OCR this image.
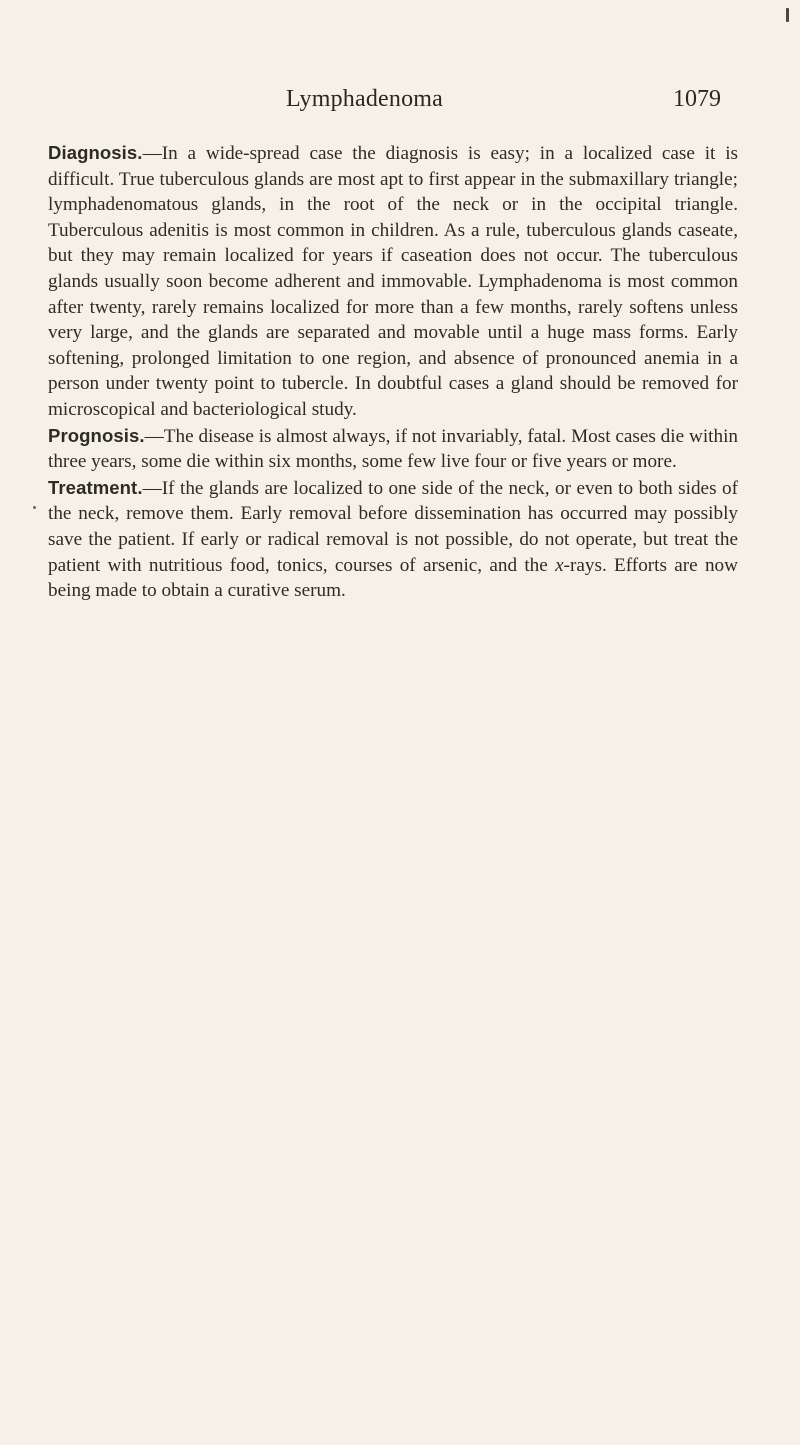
Lymphadenoma	1079

Diagnosis.—In a wide-spread case the diagnosis is easy; in a localized case it is difficult. True tuberculous glands are most apt to first appear in the submaxillary triangle; lymphadenomatous glands, in the root of the neck or in the occipital triangle. Tuberculous adenitis is most common in children. As a rule, tuberculous glands caseate, but they may remain localized for years if caseation does not occur. The tuberculous glands usually soon become adherent and immovable. Lymphadenoma is most common after twenty, rarely remains localized for more than a few months, rarely softens unless very large, and the glands are separated and movable until a huge mass forms. Early softening, prolonged limitation to one region, and absence of pronounced anemia in a person under twenty point to tubercle. In doubtful cases a gland should be removed for microscopical and bacteriological study.

Prognosis.—The disease is almost always, if not invariably, fatal. Most cases die within three years, some die within six months, some few live four or five years or more.

Treatment.—If the glands are localized to one side of the neck, or even to both sides of the neck, remove them. Early removal before dissemination has occurred may possibly save the patient. If early or radical removal is not possible, do not operate, but treat the patient with nutritious food, tonics, courses of arsenic, and the x-rays. Efforts are now being made to obtain a curative serum.
